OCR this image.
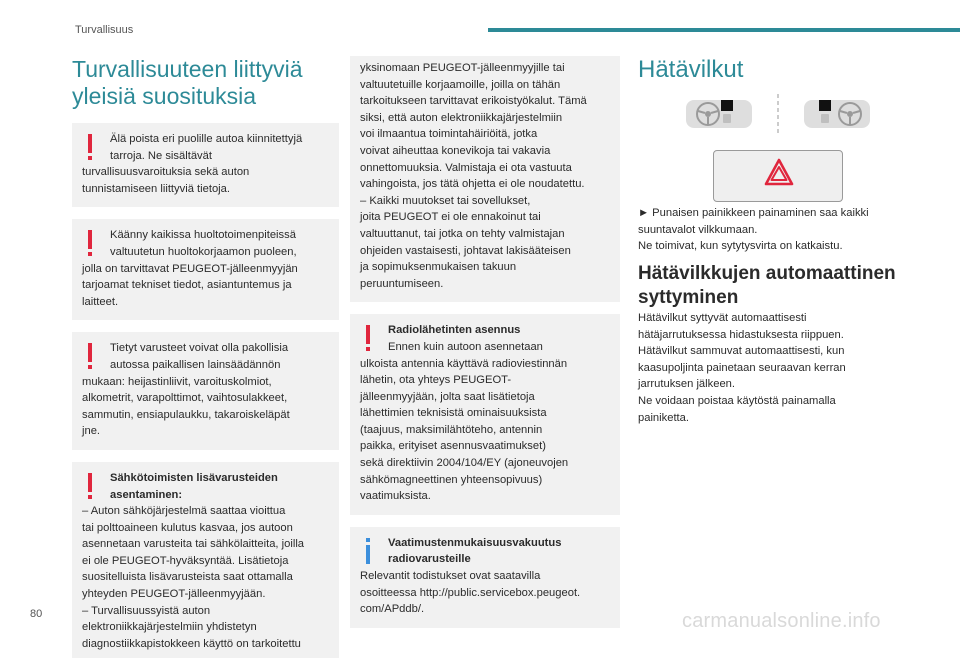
Turvallisuus
80	carmanualsonline.info
Turvallisuuteen liittyviä
yleisiä suosituksia

Älä poista eri puolille autoa kiinnitettyjä

tarroja. Ne sisältävät

turvallisuusvaroituksia sekä auton

tunnistamiseen liittyviä tietoja.

Käänny kaikissa huoltotoimenpiteissä

valtuutetun huoltokorjaamon puoleen,

jolla on tarvittavat PEUGEOT-jälleenmyyjän

tarjoamat tekniset tiedot, asiantuntemus ja

laitteet.

Tietyt varusteet voivat olla pakollisia

autossa paikallisen lainsäädännön

mukaan: heijastinliivit, varoituskolmiot,

alkometrit, varapolttimot, vaihtosulakkeet,

sammutin, ensiapulaukku, takaroiskeläpät

jne.

Sähkötoimisten lisävarusteiden

asentaminen:

– Auton sähköjärjestelmä saattaa vioittua

tai polttoaineen kulutus kasvaa, jos autoon

asennetaan varusteita tai sähkölaitteita, joilla

ei ole PEUGEOT-hyväksyntää. Lisätietoja

suositelluista lisävarusteista saat ottamalla

yhteyden PEUGEOT-jälleenmyyjään.

– Turvallisuussyistä auton

elektroniikkajärjestelmiin yhdistetyn

diagnostiikkapistokkeen käyttö on tarkoitettu

yksinomaan PEUGEOT-jälleenmyyjille tai

valtuutetuille korjaamoille, joilla on tähän

tarkoitukseen tarvittavat erikoistyökalut. Tämä

siksi, että auton elektroniikkajärjestelmiin

voi ilmaantua toimintahäiriöitä, jotka

voivat aiheuttaa konevikoja tai vakavia

onnettomuuksia. Valmistaja ei ota vastuuta

vahingoista, jos tätä ohjetta ei ole noudatettu.

– Kaikki muutokset tai sovellukset,

joita PEUGEOT ei ole ennakoinut tai

valtuuttanut, tai jotka on tehty valmistajan

ohjeiden vastaisesti, johtavat lakisääteisen

ja sopimuksenmukaisen takuun

peruuntumiseen.

Radiolähetinten asennus

Ennen kuin autoon asennetaan

ulkoista antennia käyttävä radioviestinnän

lähetin, ota yhteys PEUGEOT-

jälleenmyyjään, jolta saat lisätietoja

lähettimien teknisistä ominaisuuksista

(taajuus, maksimilähtöteho, antennin

paikka, erityiset asennusvaatimukset)

sekä direktiivin 2004/104/EY (ajoneuvojen

sähkömagneettinen yhteensopivuus)

vaatimuksista.

Vaatimustenmukaisuusvakuutus

radiovarusteille

Relevantit todistukset ovat saatavilla

osoitteessa http://public.servicebox.peugeot.

com/APddb/.

Hätävilkut

► Punaisen painikkeen painaminen saa kaikki

suuntavalot vilkkumaan.

Ne toimivat, kun sytytysvirta on katkaistu.

Hätävilkkujen automaattinen
syttyminen

Hätävilkut syttyvät automaattisesti

hätäjarrutuksessa hidastuksesta riippuen.

Hätävilkut sammuvat automaattisesti, kun

kaasupoljinta painetaan seuraavan kerran

jarrutuksen jälkeen.

Ne voidaan poistaa käytöstä painamalla

painiketta.
